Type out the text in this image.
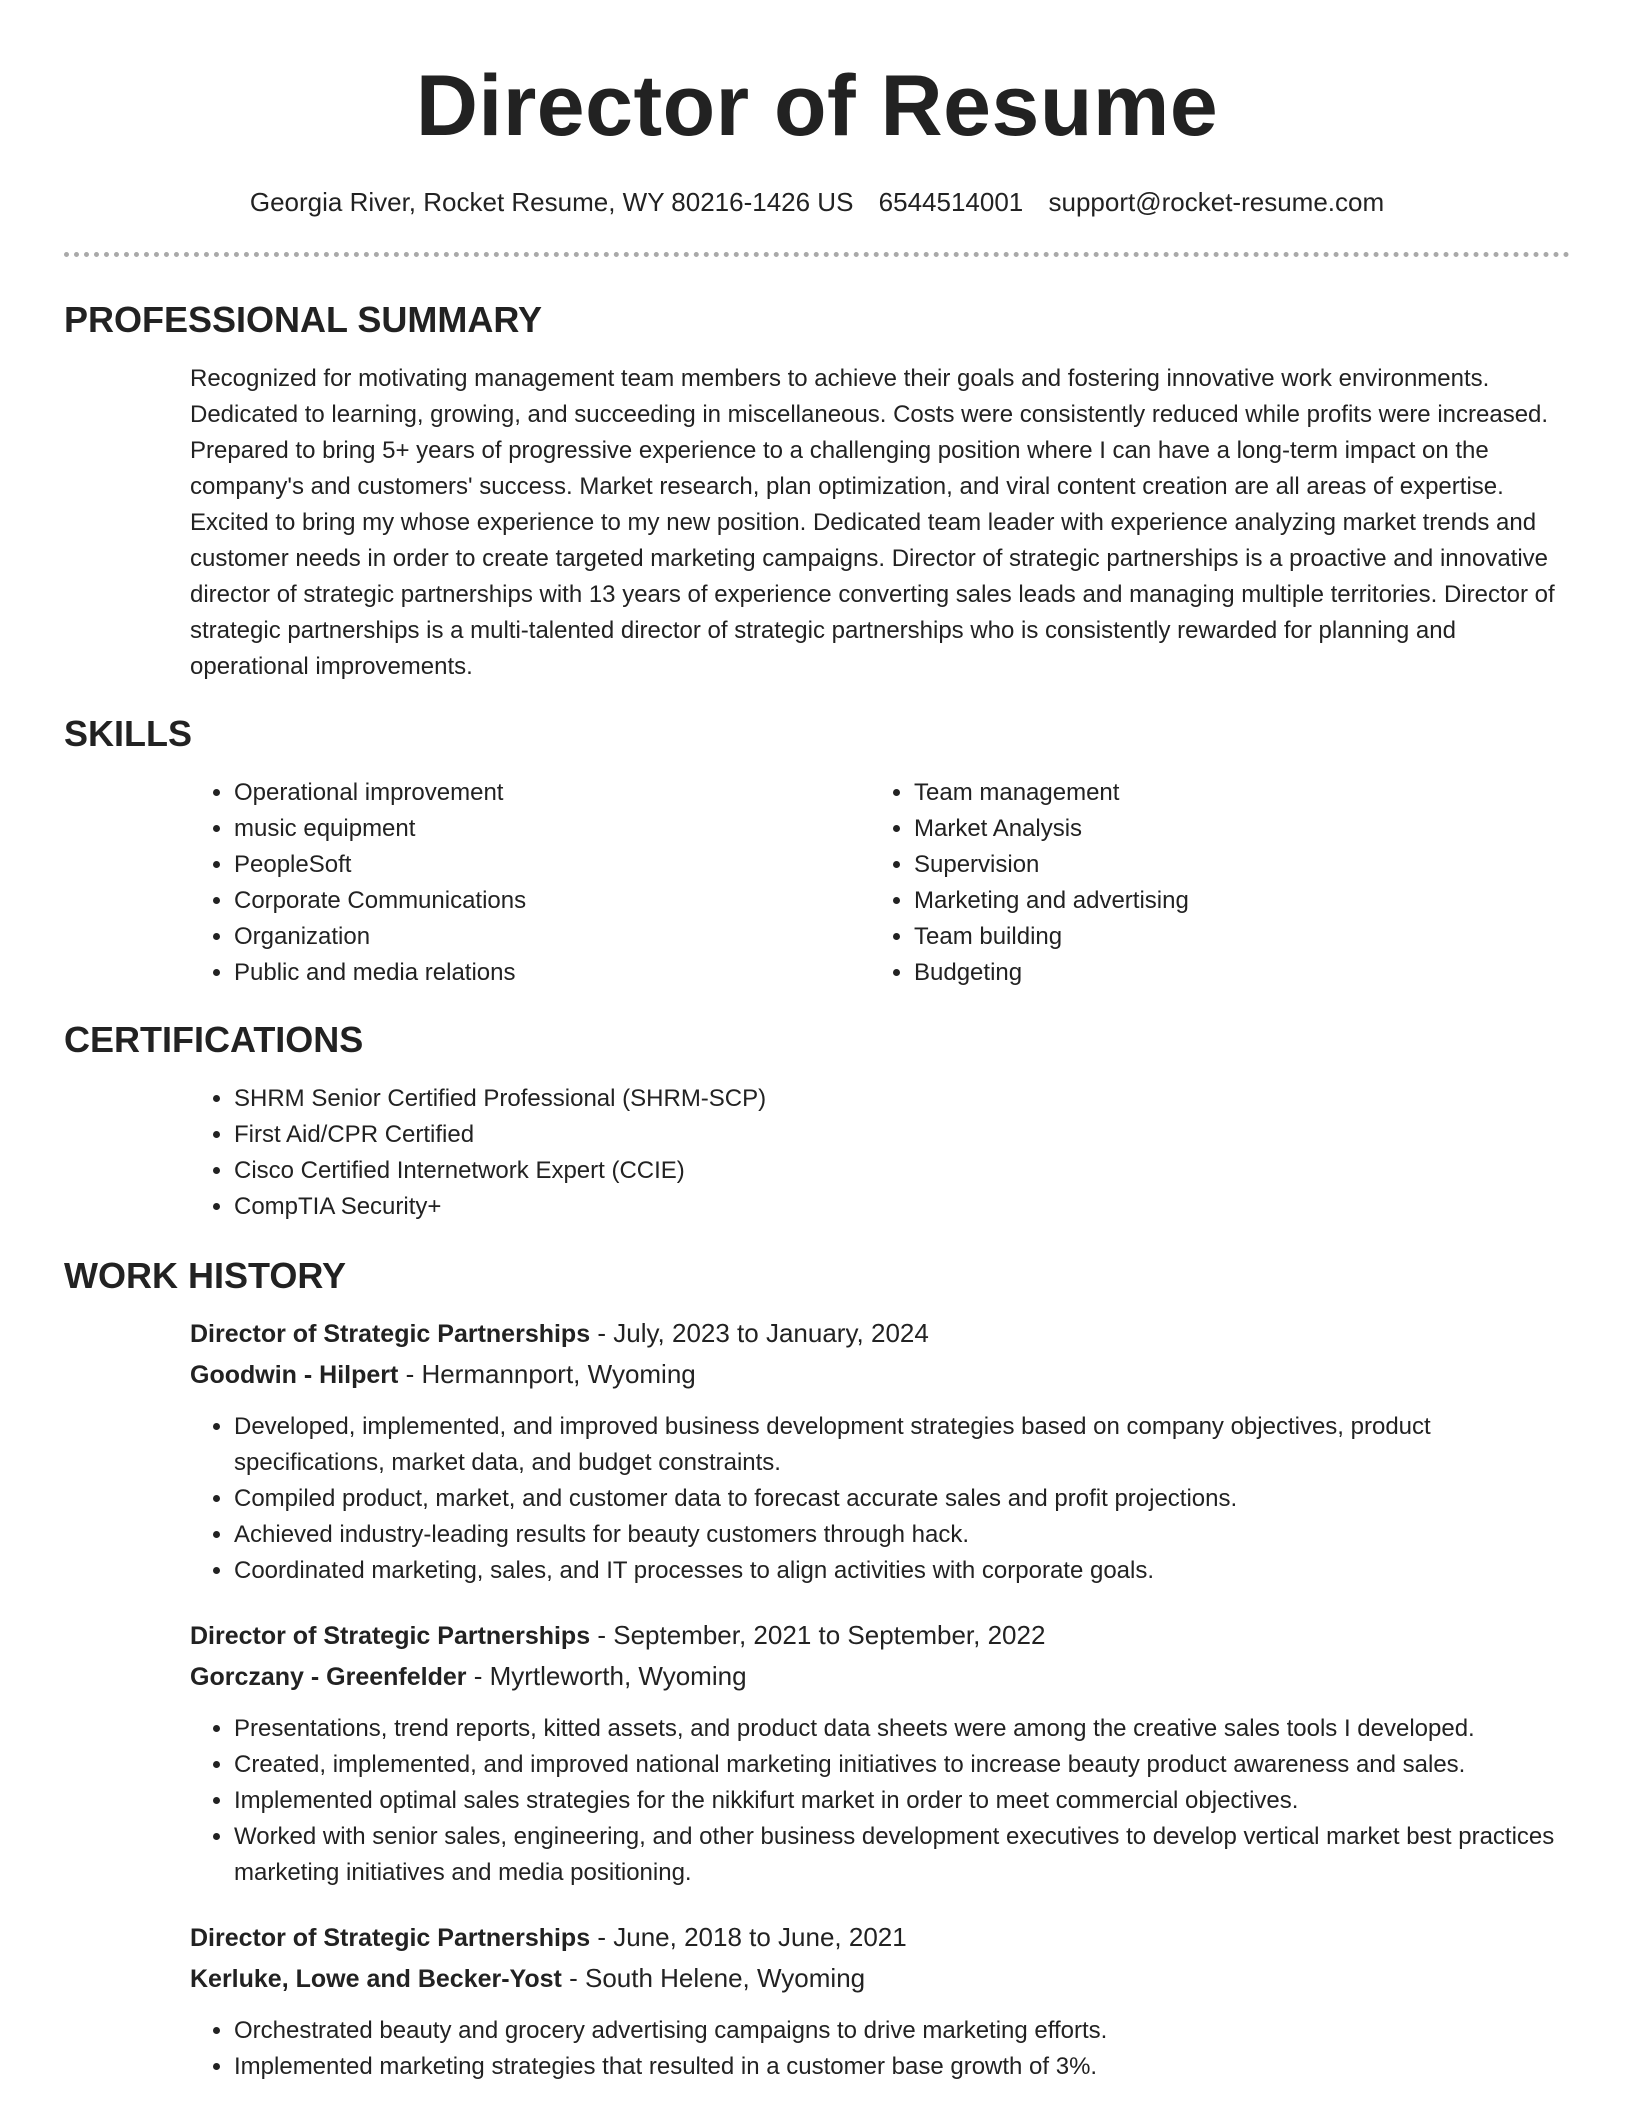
Director of Resume
Georgia River, Rocket Resume, WY 80216-1426 US 6544514001 support@rocket-resume.com
PROFESSIONAL SUMMARY

Recognized for motivating management team members to achieve their goals and fostering innovative work environments. Dedicated to learning, growing, and succeeding in miscellaneous. Costs were consistently reduced while profits were increased. Prepared to bring 5+ years of progressive experience to a challenging position where I can have a long-term impact on the company's and customers' success. Market research, plan optimization, and viral content creation are all areas of expertise. Excited to bring my whose experience to my new position. Dedicated team leader with experience analyzing market trends and customer needs in order to create targeted marketing campaigns. Director of strategic partnerships is a proactive and innovative director of strategic partnerships with 13 years of experience converting sales leads and managing multiple territories. Director of strategic partnerships is a multi-talented director of strategic partnerships who is consistently rewarded for planning and operational improvements.

SKILLS
• Operational improvement
• music equipment
• PeopleSoft
• Corporate Communications
• Organization
• Public and media relations
• Team management
• Market Analysis
• Supervision
• Marketing and advertising
• Team building
• Budgeting
CERTIFICATIONS
• SHRM Senior Certified Professional (SHRM-SCP)
• First Aid/CPR Certified
• Cisco Certified Internetwork Expert (CCIE)
• CompTIA Security+
WORK HISTORY
Director of Strategic Partnerships - July, 2023 to January, 2024
Goodwin - Hilpert - Hermannport, Wyoming
• Developed, implemented, and improved business development strategies based on company objectives, product specifications, market data, and budget constraints.
• Compiled product, market, and customer data to forecast accurate sales and profit projections.
• Achieved industry-leading results for beauty customers through hack.
• Coordinated marketing, sales, and IT processes to align activities with corporate goals.
Director of Strategic Partnerships - September, 2021 to September, 2022
Gorczany - Greenfelder - Myrtleworth, Wyoming
• Presentations, trend reports, kitted assets, and product data sheets were among the creative sales tools I developed.
• Created, implemented, and improved national marketing initiatives to increase beauty product awareness and sales.
• Implemented optimal sales strategies for the nikkifurt market in order to meet commercial objectives.
• Worked with senior sales, engineering, and other business development executives to develop vertical market best practices marketing initiatives and media positioning.
Director of Strategic Partnerships - June, 2018 to June, 2021
Kerluke, Lowe and Becker-Yost - South Helene, Wyoming
• Orchestrated beauty and grocery advertising campaigns to drive marketing efforts.
• Implemented marketing strategies that resulted in a customer base growth of 3%.
